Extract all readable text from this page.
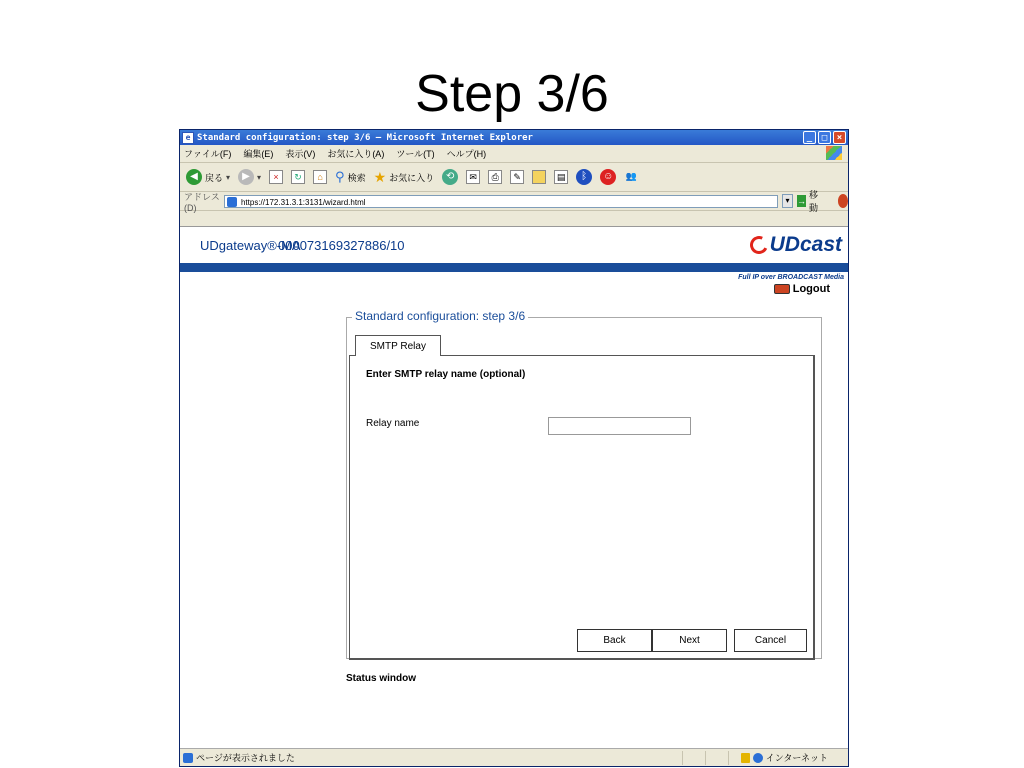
Step 3/6
e Standard configuration: step 3/6 – Microsoft Internet Explorer	_	□	×
ファイル(F) 編集(E) 表示(V) お気に入り(A) ツール(T) ヘルプ(H)
◀ 戻る ▾	▶ ▾	×	↻	⌂ ⚲ 検索 ★ お気に入り	⟲	✉	⎙	✎	▤	ᛒ	☺	👥
アドレス(D)
https://172.31.3.1:3131/wizard.html	▾ →
移動
UDgateway®-MA
000073169327886/10	UDcast
Full IP over BROADCAST Media
Logout
Standard configuration: step 3/6
SMTP Relay
Enter SMTP relay name (optional)
Relay name
Back	Next	Cancel
Status window
ページが表示されました	インターネット
